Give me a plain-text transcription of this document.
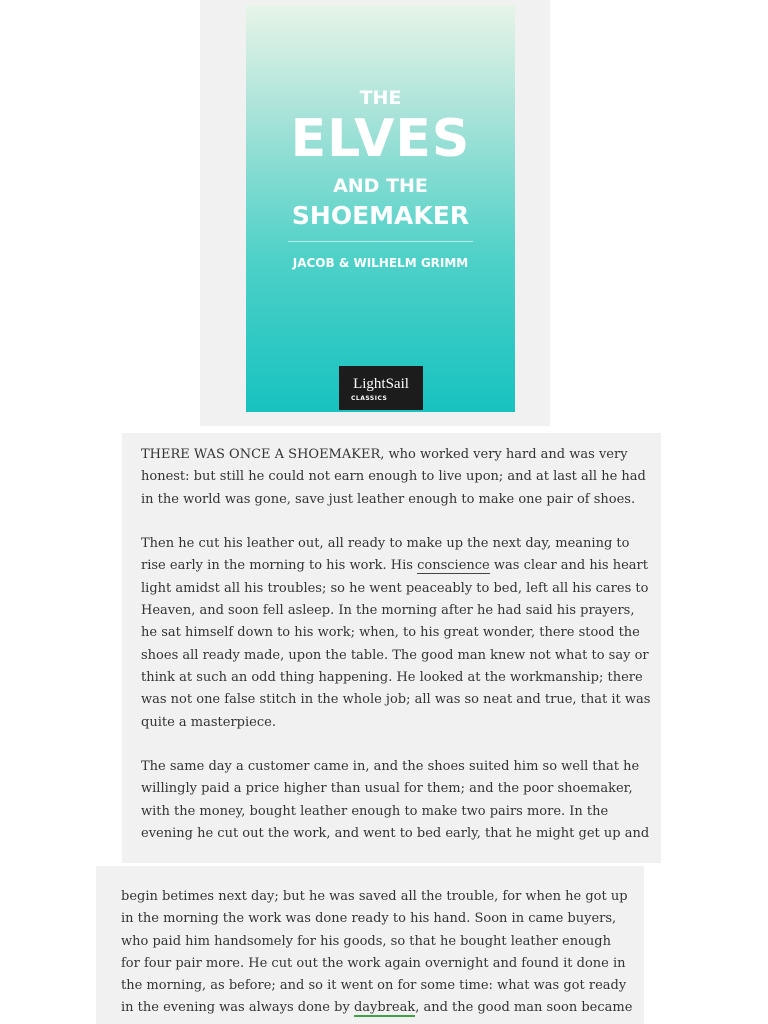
THE
ELVES
AND THE
SHOEMAKER
JACOB & WILHELM GRIMM
LightSail
CLASSICS

THERE WAS ONCE A SHOEMAKER, who worked very hard and was very

honest: but still he could not earn enough to live upon; and at last all he had

in the world was gone, save just leather enough to make one pair of shoes.

Then he cut his leather out, all ready to make up the next day, meaning to

rise early in the morning to his work. His conscience was clear and his heart

light amidst all his troubles; so he went peaceably to bed, left all his cares to

Heaven, and soon fell asleep. In the morning after he had said his prayers,

he sat himself down to his work; when, to his great wonder, there stood the

shoes all ready made, upon the table. The good man knew not what to say or

think at such an odd thing happening. He looked at the workmanship; there

was not one false stitch in the whole job; all was so neat and true, that it was

quite a masterpiece.

The same day a customer came in, and the shoes suited him so well that he

willingly paid a price higher than usual for them; and the poor shoemaker,

with the money, bought leather enough to make two pairs more. In the

evening he cut out the work, and went to bed early, that he might get up and

begin betimes next day; but he was saved all the trouble, for when he got up

in the morning the work was done ready to his hand. Soon in came buyers,

who paid him handsomely for his goods, so that he bought leather enough

for four pair more. He cut out the work again overnight and found it done in

the morning, as before; and so it went on for some time: what was got ready

in the evening was always done by daybreak, and the good man soon became
